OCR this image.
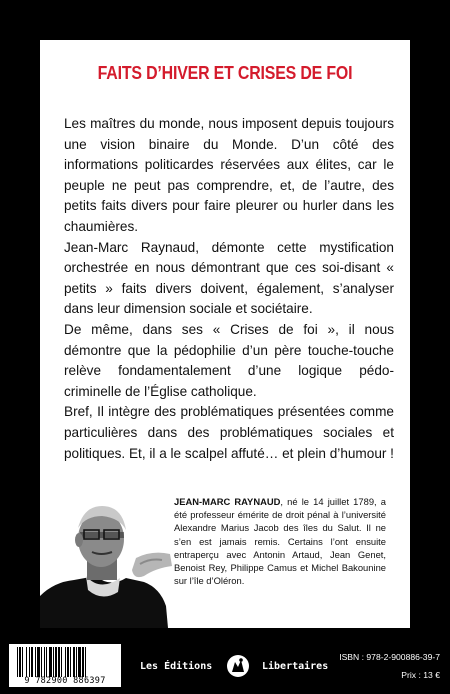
FAITS D’HIVER ET CRISES DE FOI

Les maîtres du monde, nous imposent depuis toujours une vision binaire du Monde. D’un côté des informations politicardes réservées aux élites, car le peuple ne peut pas comprendre, et, de l’autre, des petits faits divers pour faire pleurer ou hurler dans les chaumières.

Jean-Marc Raynaud, démonte cette mystification orchestrée en nous démontrant que ces soi-disant « petits » faits divers doivent, également, s’analyser dans leur dimension sociale et sociétaire.

De même, dans ses « Crises de foi », il nous démontre que la pédophilie d’un père touche-touche relève fondamentalement d’une logique pédo-criminelle de l’Église catholique.

Bref, Il intègre des problématiques présentées comme particulières dans des problématiques sociales et politiques. Et, il a le scalpel affuté… et plein d’humour !

JEAN-MARC RAYNAUD, né le 14 juillet 1789, a été professeur émérite de droit pénal à l’université Alexandre Marius Jacob des îles du Salut. Il ne s’en est jamais remis. Certains l’ont ensuite entraperçu avec Antonin Artaud, Jean Genet, Benoist Rey, Philippe Camus et Michel Bakounine sur l’île d’Oléron.
9 782900 886397
Les Éditions	Libertaires
ISBN : 978-2-900886-39-7
Prix : 13 €
